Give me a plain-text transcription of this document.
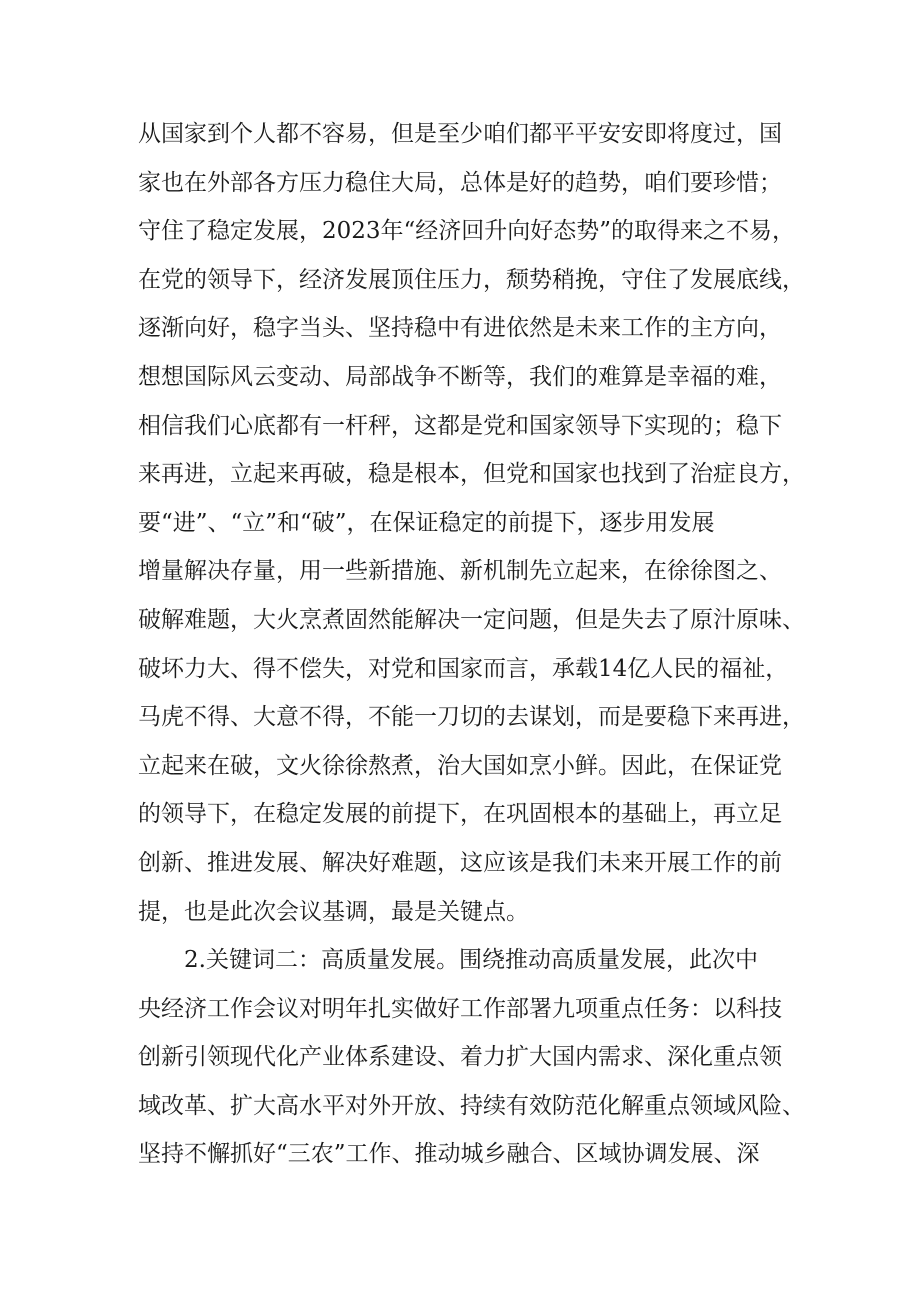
从国家到个人都不容易，但是至少咱们都平平安安即将度过，国
家也在外部各方压力稳住大局，总体是好的趋势，咱们要珍惜；
守住了稳定发展，2023年“经济回升向好态势”的取得来之不易，
在党的领导下，经济发展顶住压力，颓势稍挽，守住了发展底线，
逐渐向好，稳字当头、坚持稳中有进依然是未来工作的主方向，
想想国际风云变动、局部战争不断等，我们的难算是幸福的难，
相信我们心底都有一杆秤，这都是党和国家领导下实现的；稳下
来再进，立起来再破，稳是根本，但党和国家也找到了治症良方，
要“进”、“立”和“破”，在保证稳定的前提下，逐步用发展
增量解决存量，用一些新措施、新机制先立起来，在徐徐图之、
破解难题，大火烹煮固然能解决一定问题，但是失去了原汁原味、
破坏力大、得不偿失，对党和国家而言，承载14亿人民的福祉，
马虎不得、大意不得，不能一刀切的去谋划，而是要稳下来再进，
立起来在破，文火徐徐熬煮，治大国如烹小鲜。因此，在保证党
的领导下，在稳定发展的前提下，在巩固根本的基础上，再立足
创新、推进发展、解决好难题，这应该是我们未来开展工作的前
提，也是此次会议基调，最是关键点。
2.关键词二：高质量发展。围绕推动高质量发展，此次中
央经济工作会议对明年扎实做好工作部署九项重点任务：以科技
创新引领现代化产业体系建设、着力扩大国内需求、深化重点领
域改革、扩大高水平对外开放、持续有效防范化解重点领域风险、
坚持不懈抓好“三农”工作、推动城乡融合、区域协调发展、深
